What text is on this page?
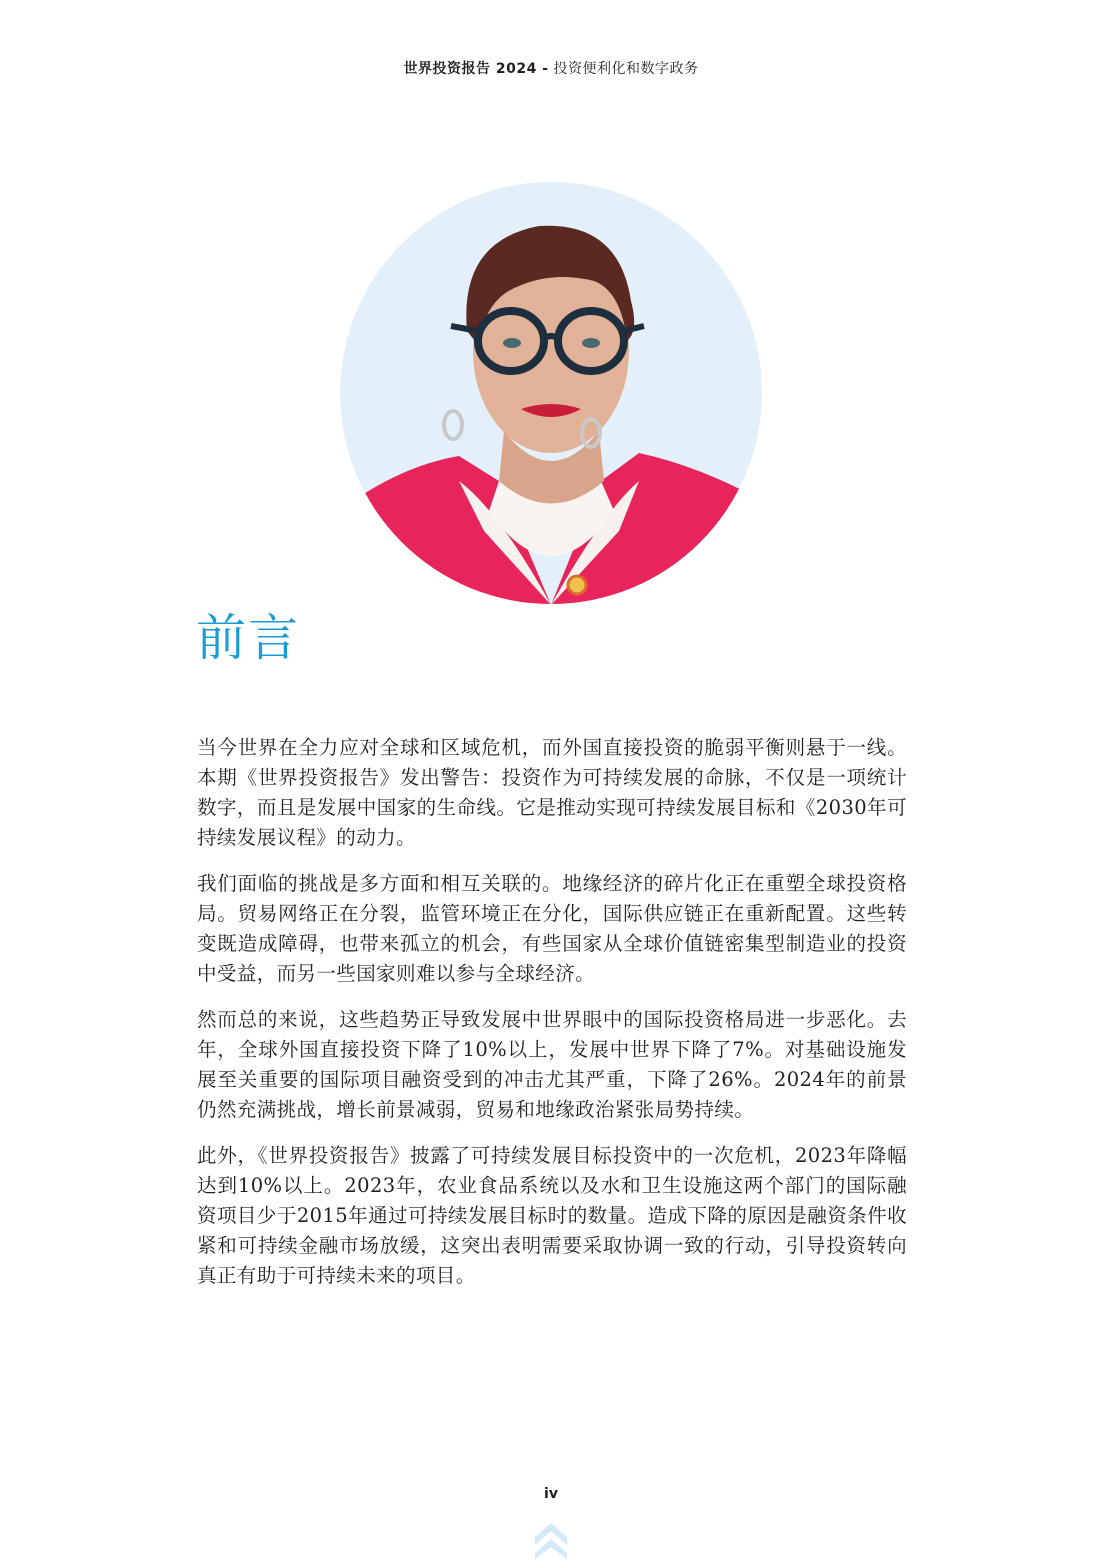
世界投资报告 2024 - 投资便利化和数字政务
前言

当今世界在全力应对全球和区域危机，而外国直接投资的脆弱平衡则悬于一线。本期《世界投资报告》发出警告：投资作为可持续发展的命脉，不仅是一项统计数字，而且是发展中国家的生命线。它是推动实现可持续发展目标和《2030年可持续发展议程》的动力。

我们面临的挑战是多方面和相互关联的。地缘经济的碎片化正在重塑全球投资格局。贸易网络正在分裂，监管环境正在分化，国际供应链正在重新配置。这些转变既造成障碍，也带来孤立的机会，有些国家从全球价值链密集型制造业的投资中受益，而另一些国家则难以参与全球经济。

然而总的来说，这些趋势正导致发展中世界眼中的国际投资格局进一步恶化。去年，全球外国直接投资下降了10%以上，发展中世界下降了7%。对基础设施发展至关重要的国际项目融资受到的冲击尤其严重，下降了26%。2024年的前景仍然充满挑战，增长前景减弱，贸易和地缘政治紧张局势持续。

此外，《世界投资报告》披露了可持续发展目标投资中的一次危机，2023年降幅达到10%以上。2023年，农业食品系统以及水和卫生设施这两个部门的国际融资项目少于2015年通过可持续发展目标时的数量。造成下降的原因是融资条件收紧和可持续金融市场放缓，这突出表明需要采取协调一致的行动，引导投资转向真正有助于可持续未来的项目。

iv
